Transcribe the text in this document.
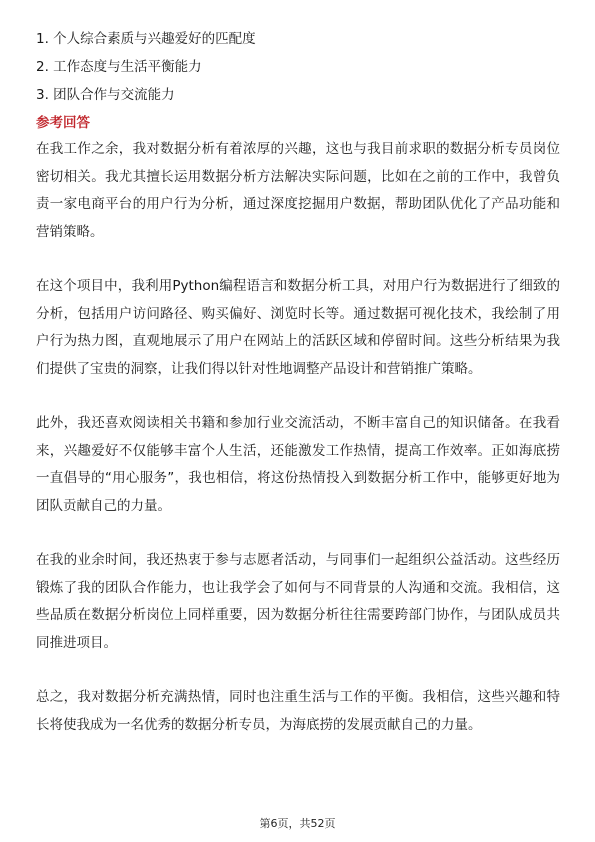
1. 个人综合素质与兴趣爱好的匹配度
2. 工作态度与生活平衡能力
3. 团队合作与交流能力
参考回答

在我工作之余，我对数据分析有着浓厚的兴趣，这也与我目前求职的数据分析专员岗位密切相关。我尤其擅长运用数据分析方法解决实际问题，比如在之前的工作中，我曾负责一家电商平台的用户行为分析，通过深度挖掘用户数据，帮助团队优化了产品功能和营销策略。

在这个项目中，我利用Python编程语言和数据分析工具，对用户行为数据进行了细致的分析，包括用户访问路径、购买偏好、浏览时长等。通过数据可视化技术，我绘制了用户行为热力图，直观地展示了用户在网站上的活跃区域和停留时间。这些分析结果为我们提供了宝贵的洞察，让我们得以针对性地调整产品设计和营销推广策略。

此外，我还喜欢阅读相关书籍和参加行业交流活动，不断丰富自己的知识储备。在我看来，兴趣爱好不仅能够丰富个人生活，还能激发工作热情，提高工作效率。正如海底捞一直倡导的“用心服务”，我也相信，将这份热情投入到数据分析工作中，能够更好地为团队贡献自己的力量。

在我的业余时间，我还热衷于参与志愿者活动，与同事们一起组织公益活动。这些经历锻炼了我的团队合作能力，也让我学会了如何与不同背景的人沟通和交流。我相信，这些品质在数据分析岗位上同样重要，因为数据分析往往需要跨部门协作，与团队成员共同推进项目。

总之，我对数据分析充满热情，同时也注重生活与工作的平衡。我相信，这些兴趣和特长将使我成为一名优秀的数据分析专员，为海底捞的发展贡献自己的力量。

第6页，共52页
